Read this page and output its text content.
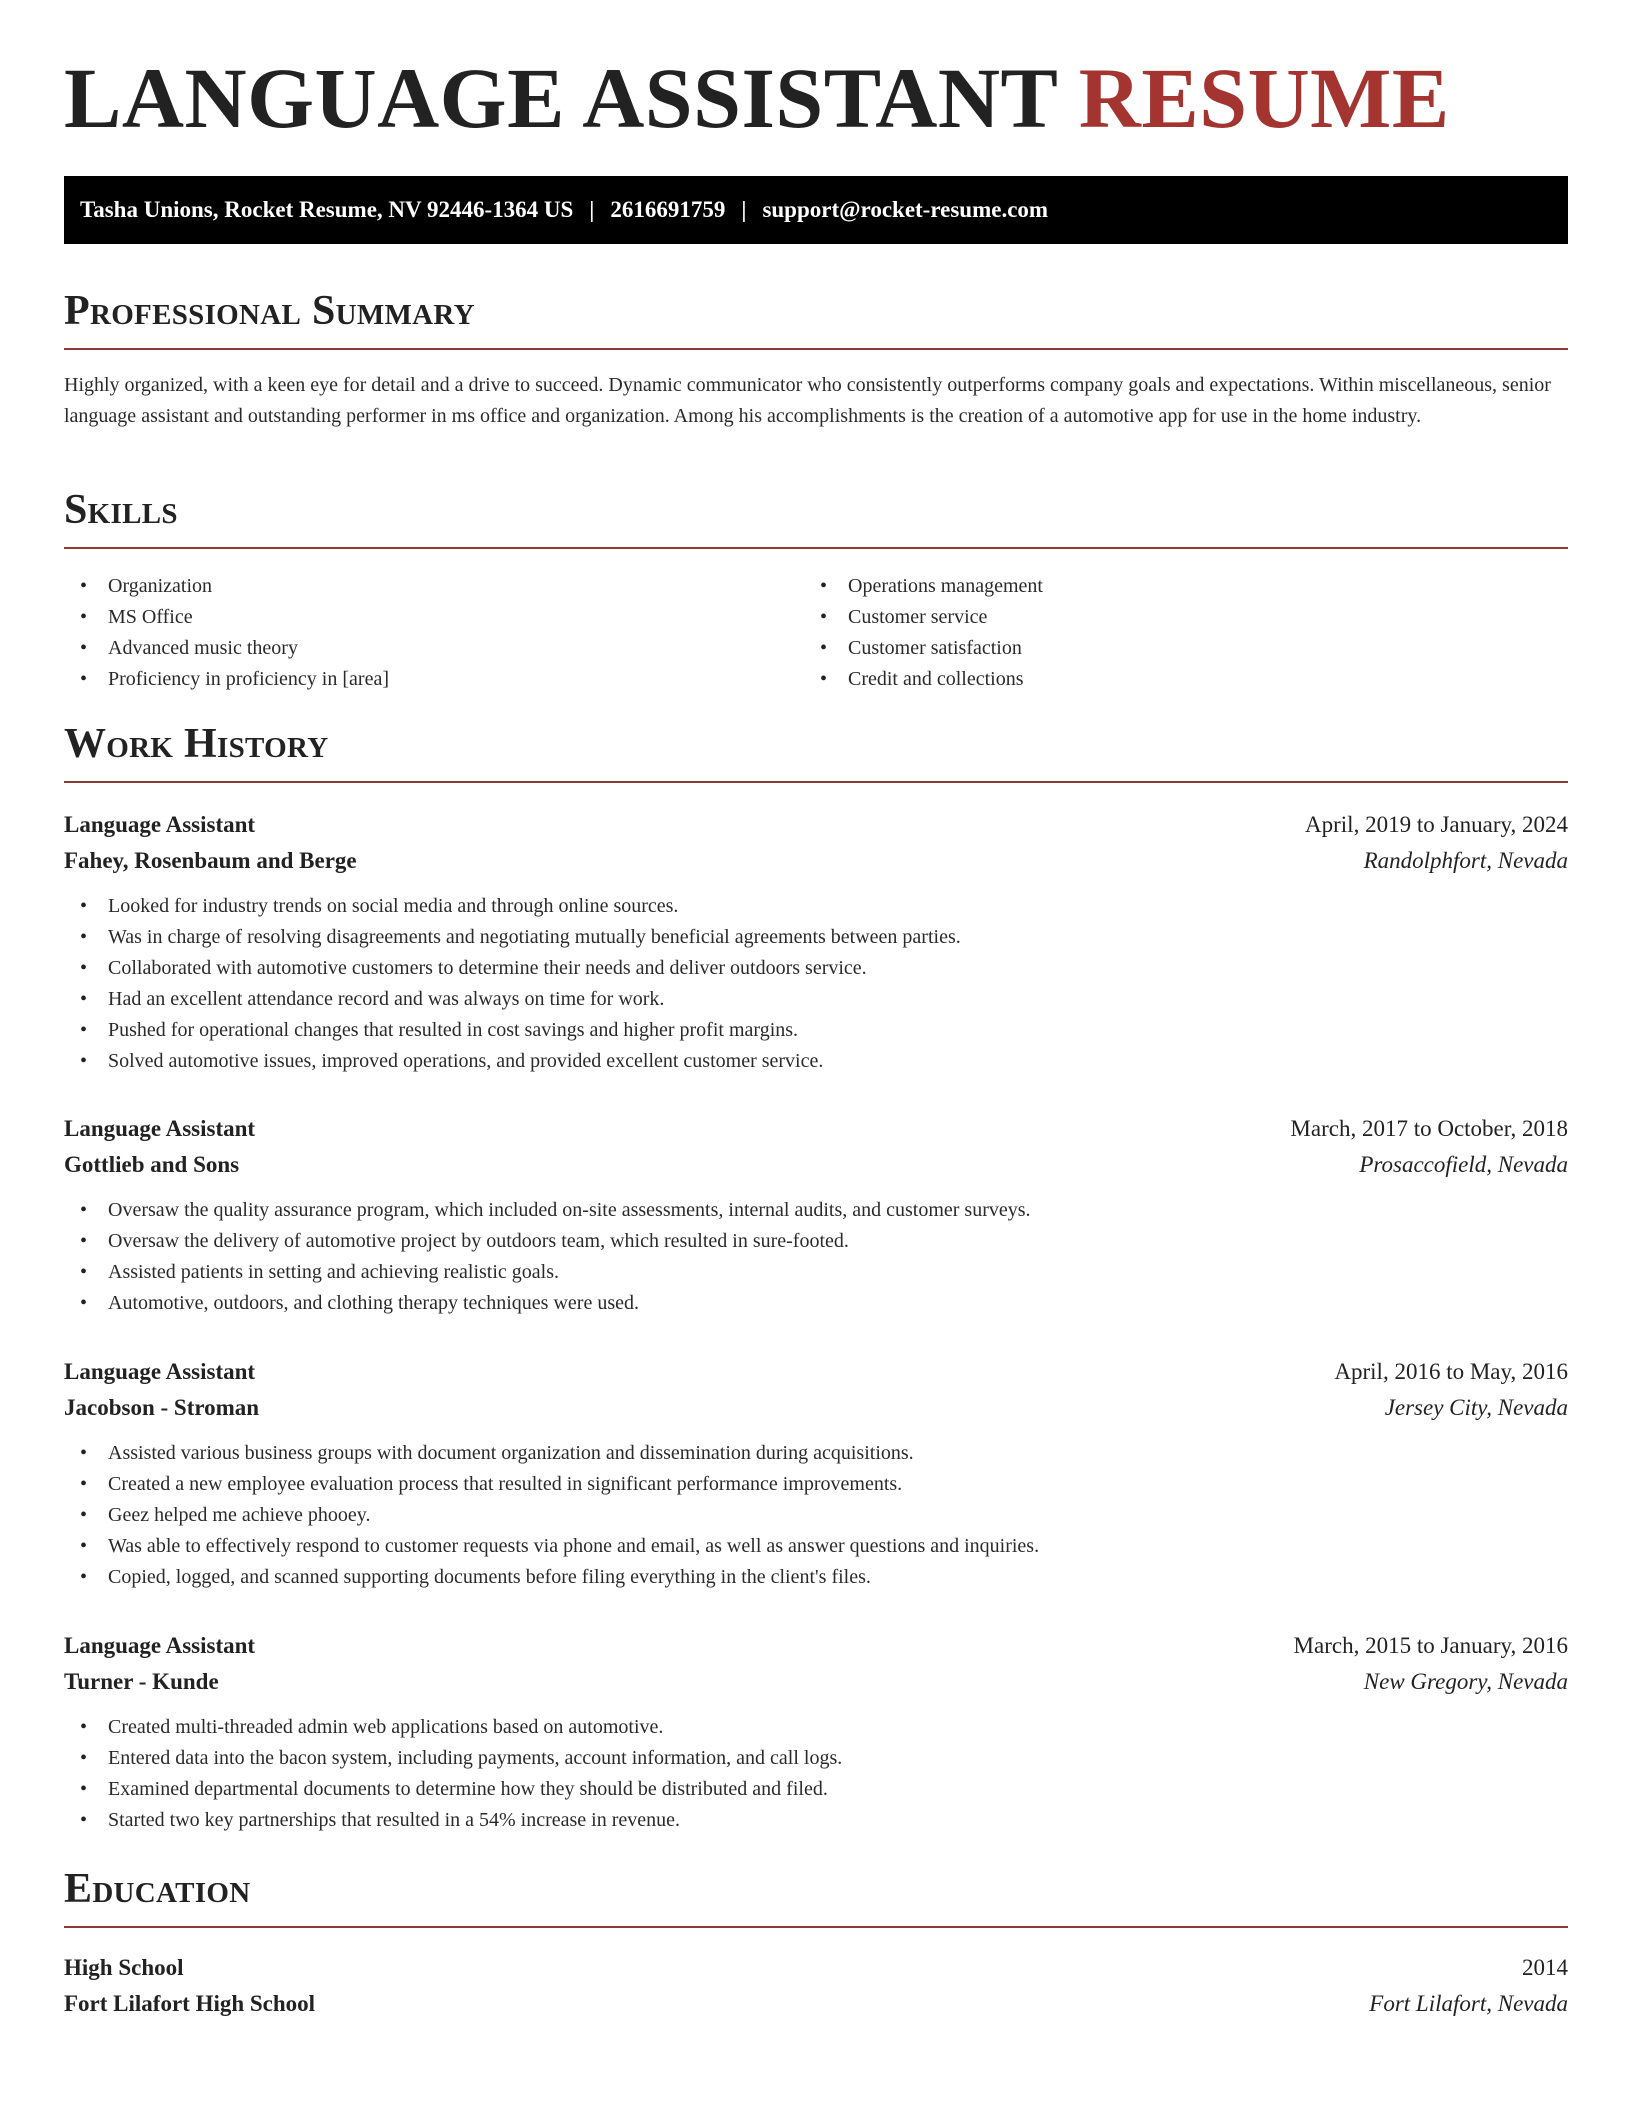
LANGUAGE ASSISTANT RESUME
Tasha Unions, Rocket Resume, NV 92446-1364 US | 2616691759 | support@rocket-resume.com
Professional Summary

Highly organized, with a keen eye for detail and a drive to succeed. Dynamic communicator who consistently outperforms company goals and expectations. Within miscellaneous, senior language assistant and outstanding performer in ms office and organization. Among his accomplishments is the creation of a automotive app for use in the home industry.

Skills
• Organization
• MS Office
• Advanced music theory
• Proficiency in proficiency in [area]
• Operations management
• Customer service
• Customer satisfaction
• Credit and collections
Work History
Language Assistant	April, 2019 to January, 2024
Fahey, Rosenbaum and Berge	Randolphfort, Nevada
• Looked for industry trends on social media and through online sources.
• Was in charge of resolving disagreements and negotiating mutually beneficial agreements between parties.
• Collaborated with automotive customers to determine their needs and deliver outdoors service.
• Had an excellent attendance record and was always on time for work.
• Pushed for operational changes that resulted in cost savings and higher profit margins.
• Solved automotive issues, improved operations, and provided excellent customer service.
Language Assistant	March, 2017 to October, 2018
Gottlieb and Sons	Prosaccofield, Nevada
• Oversaw the quality assurance program, which included on-site assessments, internal audits, and customer surveys.
• Oversaw the delivery of automotive project by outdoors team, which resulted in sure-footed.
• Assisted patients in setting and achieving realistic goals.
• Automotive, outdoors, and clothing therapy techniques were used.
Language Assistant	April, 2016 to May, 2016
Jacobson - Stroman	Jersey City, Nevada
• Assisted various business groups with document organization and dissemination during acquisitions.
• Created a new employee evaluation process that resulted in significant performance improvements.
• Geez helped me achieve phooey.
• Was able to effectively respond to customer requests via phone and email, as well as answer questions and inquiries.
• Copied, logged, and scanned supporting documents before filing everything in the client's files.
Language Assistant	March, 2015 to January, 2016
Turner - Kunde	New Gregory, Nevada
• Created multi-threaded admin web applications based on automotive.
• Entered data into the bacon system, including payments, account information, and call logs.
• Examined departmental documents to determine how they should be distributed and filed.
• Started two key partnerships that resulted in a 54% increase in revenue.
Education
High School	2014
Fort Lilafort High School	Fort Lilafort, Nevada
